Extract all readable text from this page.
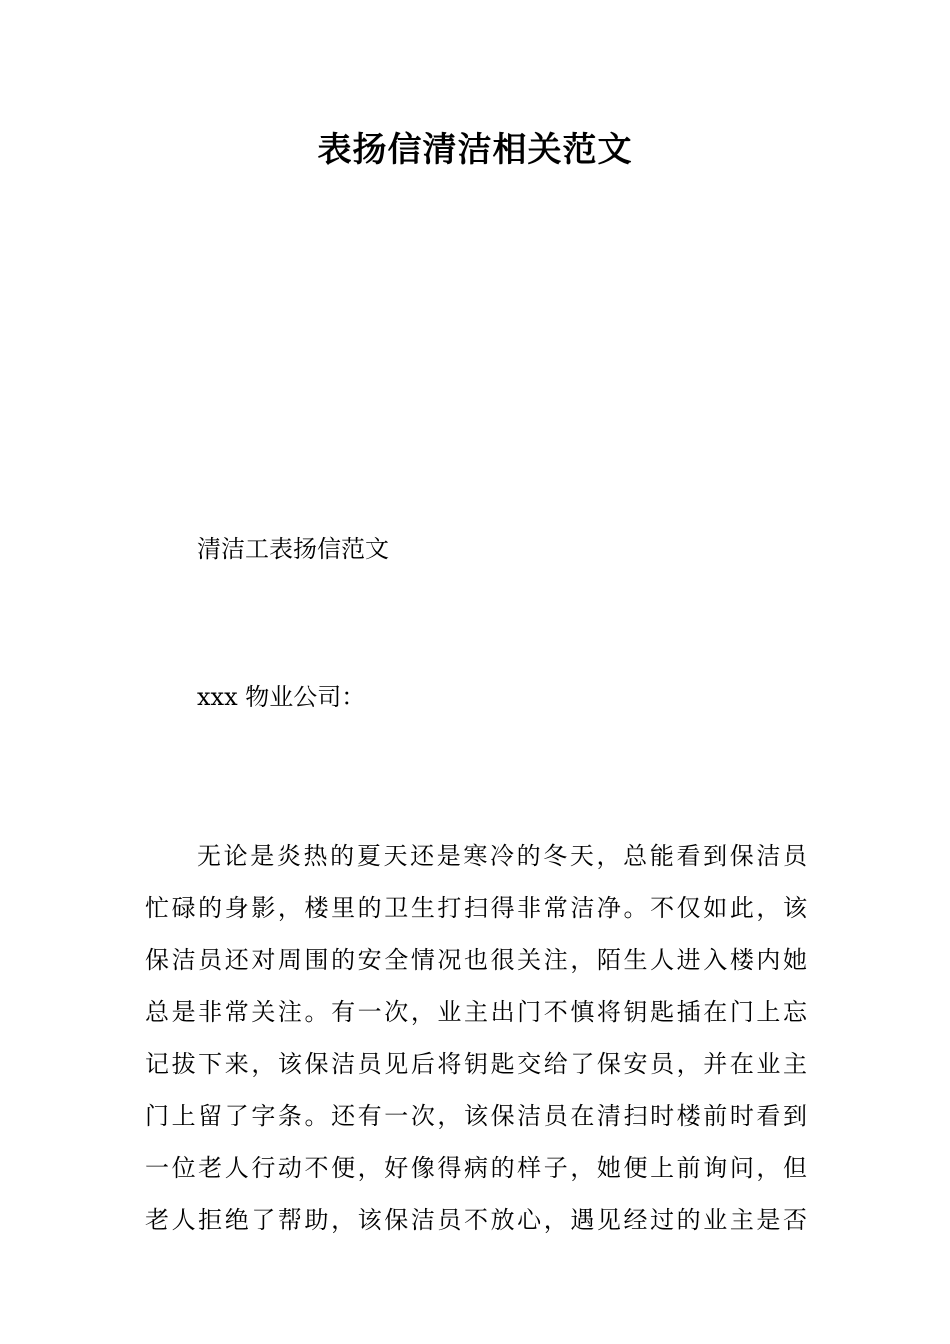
表扬信清洁相关范文

清洁工表扬信范文

xxx 物业公司：

无论是炎热的夏天还是寒冷的冬天，总能看到保洁员
忙碌的身影，楼里的卫生打扫得非常洁净。不仅如此，该
保洁员还对周围的安全情况也很关注，陌生人进入楼内她
总是非常关注。有一次，业主出门不慎将钥匙插在门上忘
记拔下来，该保洁员见后将钥匙交给了保安员，并在业主
门上留了字条。还有一次，该保洁员在清扫时楼前时看到
一位老人行动不便，好像得病的样子，她便上前询问，但
老人拒绝了帮助，该保洁员不放心，遇见经过的业主是否
